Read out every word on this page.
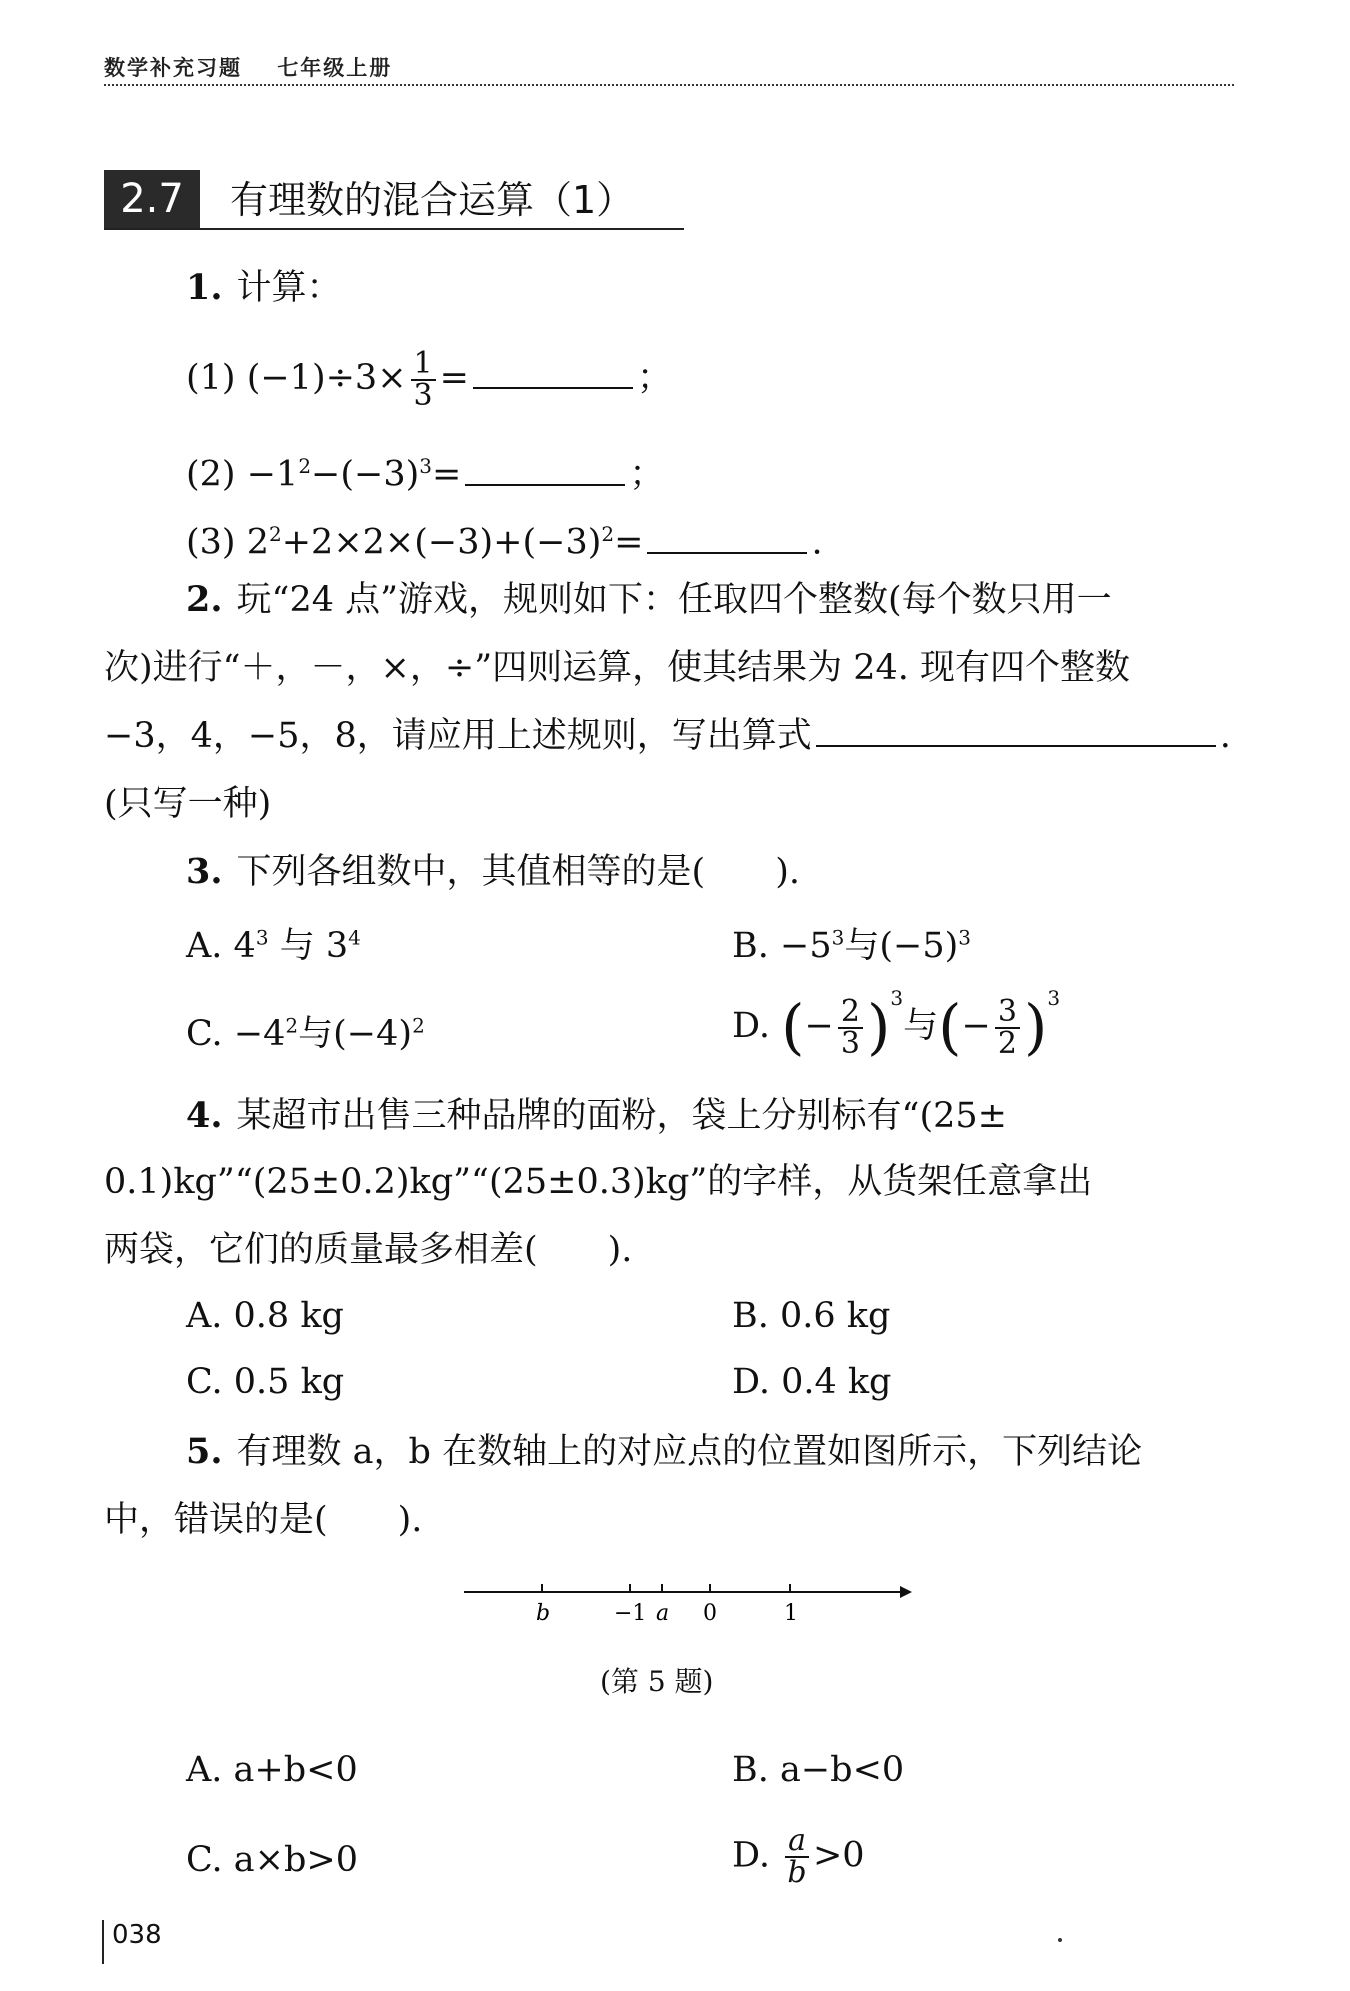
数学补充习题 七年级上册
2.7	有理数的混合运算（1）
1. 计算：
(1) $(-1)\div 3\times \frac{1}{3}$ =	；
$(2) -1^2-(-3)^3=$	；
(3) $2^2+2\times 2\times(-3)+(-3)^2=$	.
2. 玩“24 点”游戏，规则如下：任取四个整数(每个数只用一
次)进行“＋，－，×，÷”四则运算，使其结果为 24. 现有四个整数
−3，4，−5，8，请应用上述规则，写出算式	.
(只写一种)
3. 下列各组数中，其值相等的是(　　).
A. $4^3$ 与 $3^4$	B. $-5^3$与$(-5)^3$
C. $-4^2$与$(-4)^2$	D. (− $\frac{2}{3} )^3$与(− $\frac{3}{2} )^3$
4. 某超市出售三种品牌的面粉，袋上分别标有“(25±
0.1)kg”“(25±0.2)kg”“(25±0.3)kg”的字样，从货架任意拿出
两袋，它们的质量最多相差(　　).
A. 0.8 kg	B. 0.6 kg
C. 0.5 kg	D. 0.4 kg
5. 有理数 a，b 在数轴上的对应点的位置如图所示，下列结论
中，错误的是(　　).
b	−1 a 0	1
(第 5 题)
A. a+b<0	B. a−b<0
C. a×b>0	D. $\frac{a}{b} >0$
038
